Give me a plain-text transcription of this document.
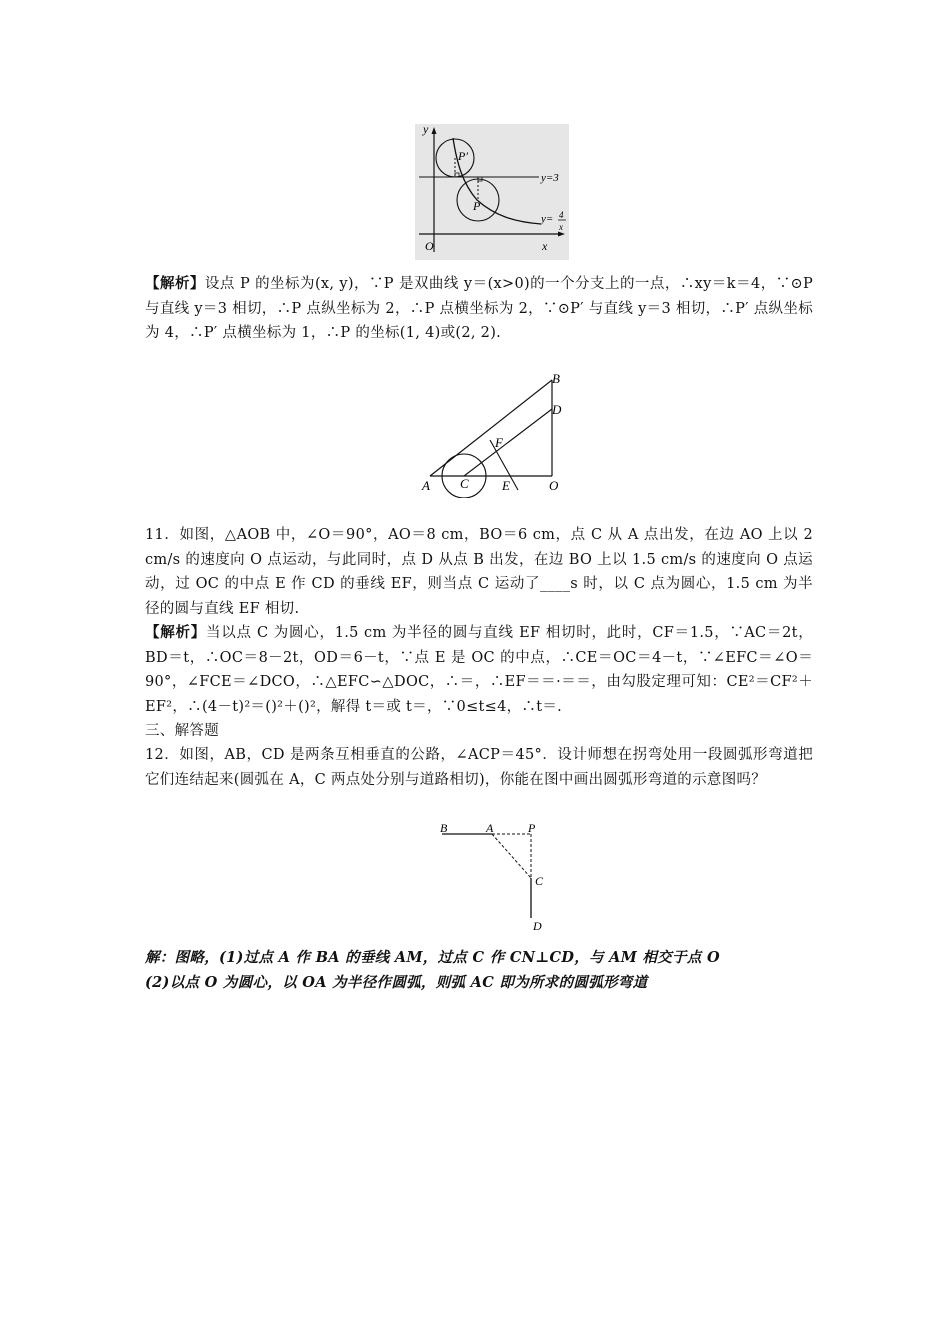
y
x
O
P′
P
y=3
y= 4
x

【解析】设点 P 的坐标为(x, y)，∵P 是双曲线 y＝(x>0)的一个分支上的一点，∴xy＝k＝4，∵⊙P 与直线 y＝3 相切，∴P 点纵坐标为 2，∴P 点横坐标为 2，∵⊙P′ 与直线 y＝3 相切，∴P′ 点纵坐标为 4，∴P′ 点横坐标为 1，∴P 的坐标(1, 4)或(2, 2).

A C	E	O
B
D
F

11．如图，△AOB 中，∠O＝90°，AO＝8 cm，BO＝6 cm，点 C 从 A 点出发，在边 AO 上以 2 cm/s 的速度向 O 点运动，与此同时，点 D 从点 B 出发，在边 BO 上以 1.5 cm/s 的速度向 O 点运动，过 OC 的中点 E 作 CD 的垂线 EF，则当点 C 运动了____s 时，以 C 点为圆心，1.5 cm 为半径的圆与直线 EF 相切.

【解析】当以点 C 为圆心，1.5 cm 为半径的圆与直线 EF 相切时，此时，CF＝1.5，∵AC＝2t，BD＝t，∴OC＝8－2t，OD＝6－t，∵点 E 是 OC 的中点，∴CE＝OC＝4－t，∵∠EFC＝∠O＝90°，∠FCE＝∠DCO，∴△EFC∽△DOC，∴＝，∴EF＝＝·＝＝，由勾股定理可知：CE²＝CF²＋EF²，∴(4－t)²＝()²＋()²，解得 t＝或 t＝，∵0≤t≤4，∴t＝.

三、解答题

12．如图，AB，CD 是两条互相垂直的公路，∠ACP＝45°．设计师想在拐弯处用一段圆弧形弯道把它们连结起来(圆弧在 A，C 两点处分别与道路相切)，你能在图中画出圆弧形弯道的示意图吗？

B	A	P
C
D

解：图略，(1)过点 A 作 BA 的垂线 AM，过点 C 作 CN⊥CD，与 AM 相交于点 O

(2)以点 O 为圆心，以 OA 为半径作圆弧，则弧 AC 即为所求的圆弧形弯道
